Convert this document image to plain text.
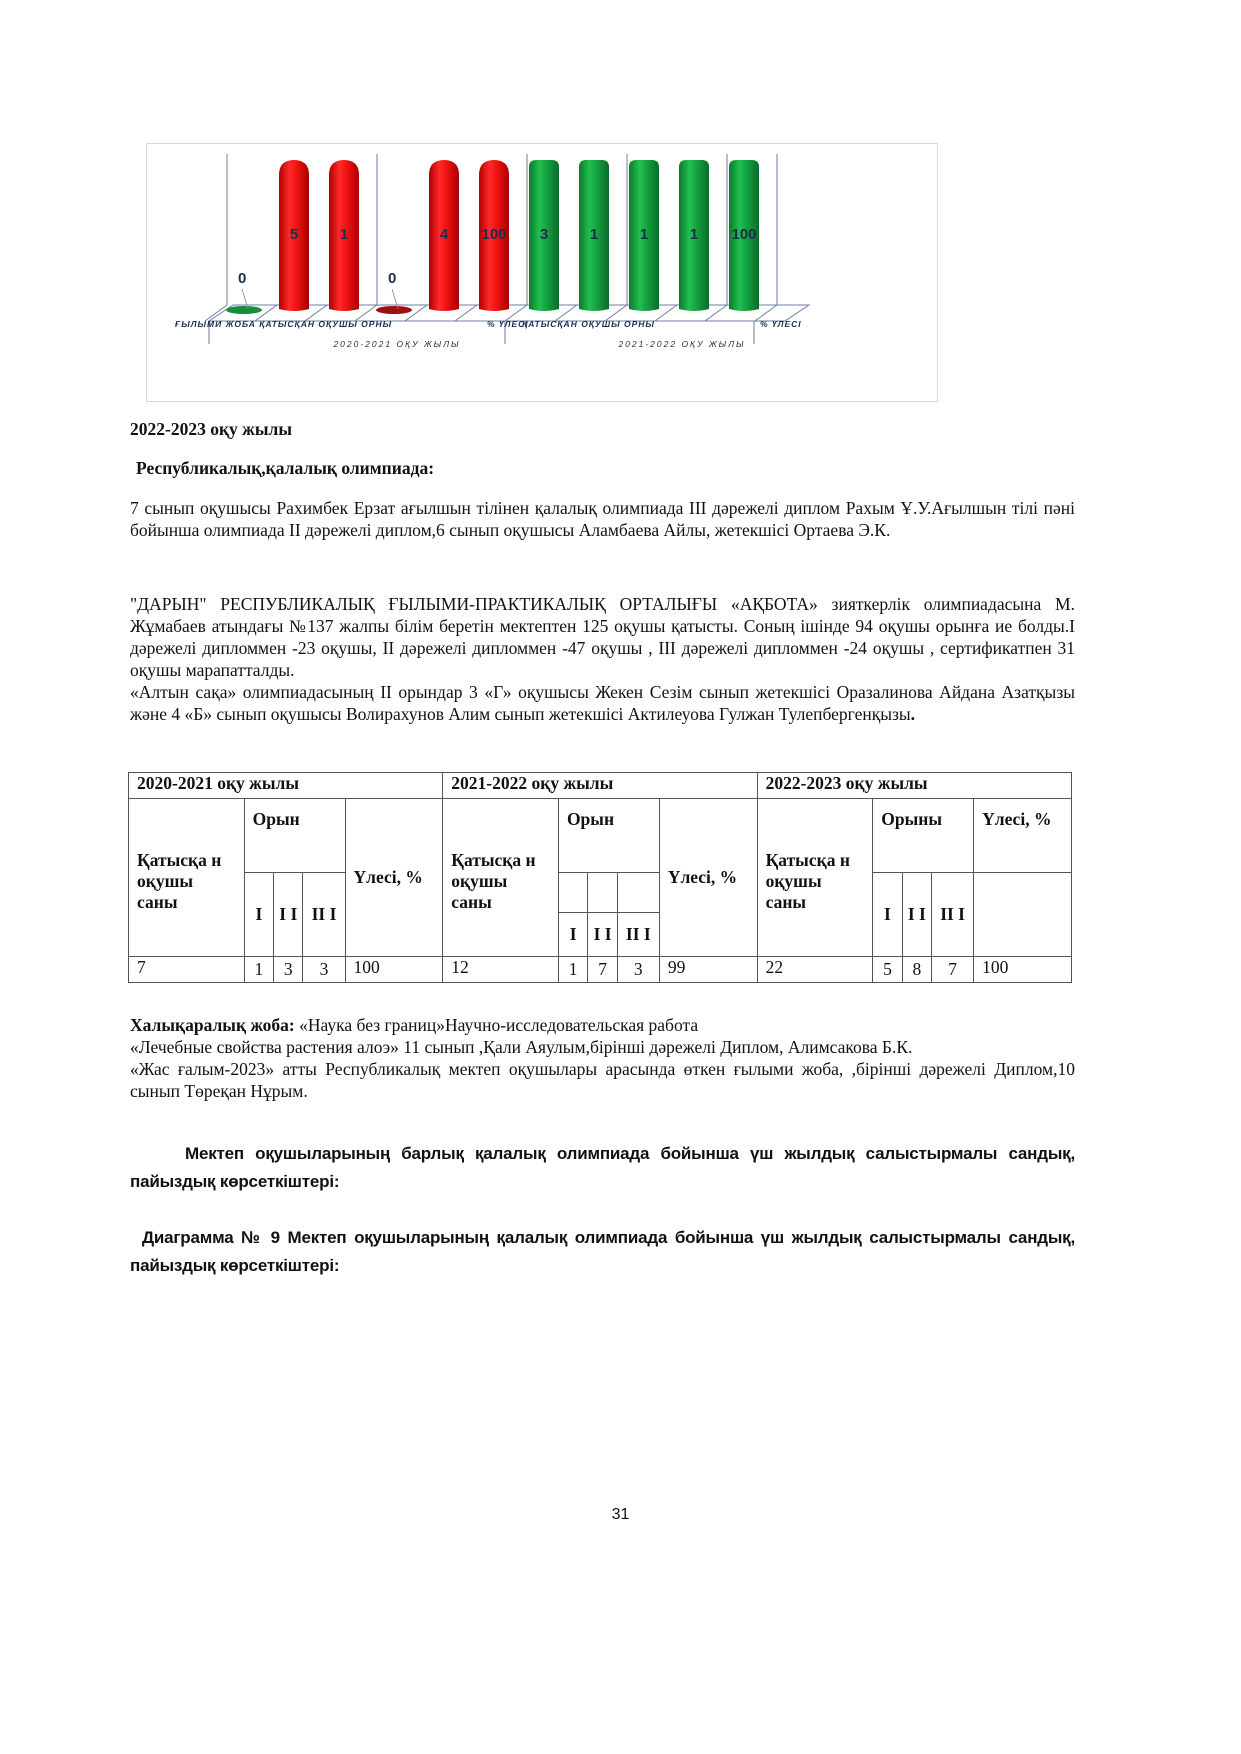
0
5	1
0
4 100 3	1	1	1 100
ҒЫЛЫМИ ЖОБА ҚАТЫСҚАН ОҚУШЫ ОРНЫ	% ҮЛЕСІ
ҚАТЫСҚАН ОҚУШЫ ОРНЫ	% ҮЛЕСІ
2020-2021 ОҚУ ЖЫЛЫ	2021-2022 ОҚУ ЖЫЛЫ
2022-2023 оқу жылы
Республикалық,қалалық олимпиада:
7 сынып оқушысы Рахимбек Ерзат ағылшын тілінен қалалық олимпиада III дәрежелі диплом Рахым Ұ.У.Ағылшын тілі пәні бойынша олимпиада II дәрежелі диплом,6 сынып оқушысы Аламбаева Айлы, жетекшісі Ортаева Э.К.
"ДАРЫН" РЕСПУБЛИКАЛЫҚ ҒЫЛЫМИ-ПРАКТИКАЛЫҚ ОРТАЛЫҒЫ «АҚБОТА» зияткерлік олимпиадасына М. Жұмабаев атындағы №137 жалпы білім беретін мектептен 125 оқушы қатысты. Соның ішінде 94 оқушы орынға ие болды.I дәрежелі дипломмен -23 оқушы, II дәрежелі дипломмен -47 оқушы , III дәрежелі дипломмен -24 оқушы , сертификатпен 31 оқушы марапатталды.
«Алтын сақа» олимпиадасының II орындар 3 «Г» оқушысы Жекен Сезім сынып жетекшісі Оразалинова Айдана Азатқызы және 4 «Б» сынып оқушысы Волирахунов Алим сынып жетекшісі Актилеуова Гулжан Тулепбергенқызы.
2020-2021 оқу жылы					2021-2022 оқу жылы					2022-2023 оқу жылы				
Қатысқа н оқушы саны	Орын			Үлесі, %	Қатысқа н оқушы саны	Орын			Үлесі, %	Қатысқа н оқушы саны	Орыны			Үлесі, %
	I	I I	II I								I	I I	II I	
						I	I I	II I						
7	1	3	3	100	12	1	7	3	99	22	5	8	7	100
Халықаралық жоба: «Наука без границ»Научно-исследовательская работа
«Лечебные свойства растения алоэ» 11 сынып ,Қали Аяулым,бірінші дәрежелі Диплом, Алимсакова Б.К.
«Жас ғалым-2023» атты Республикалық мектеп оқушылары арасында өткен ғылыми жоба, ,бірінші дәрежелі Диплом,10 сынып Төреқан Нұрым.
Мектеп оқушыларының барлық қалалық олимпиада бойынша үш жылдық салыстырмалы сандық, пайыздық көрсеткіштері:
Диаграмма № 9 Мектеп оқушыларының қалалық олимпиада бойынша үш жылдық салыстырмалы сандық, пайыздық көрсеткіштері:
31
